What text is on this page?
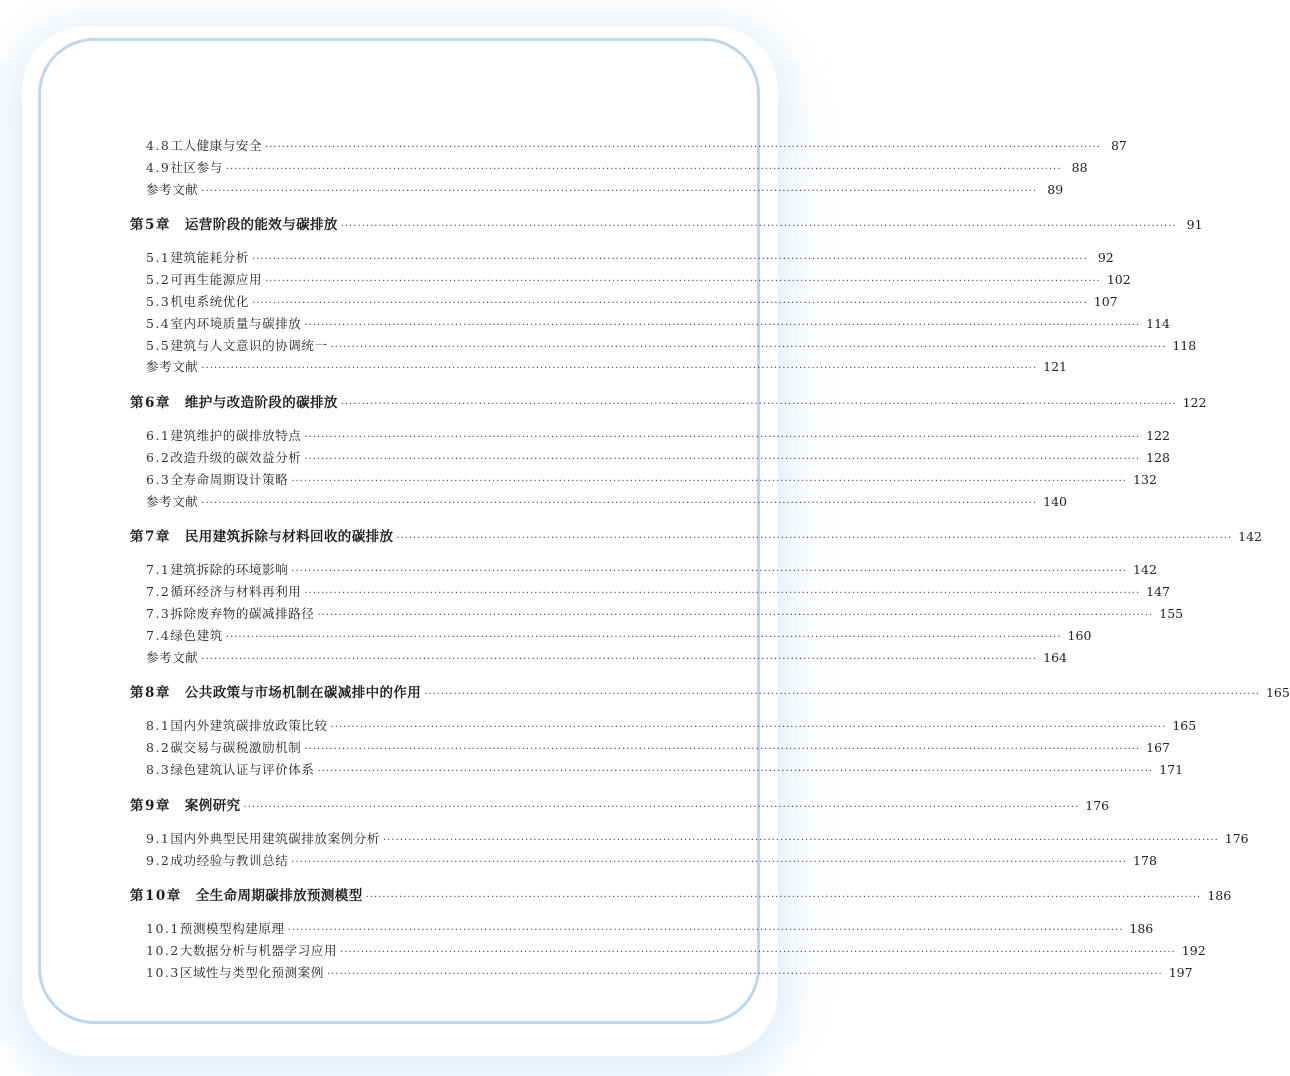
4.8 工人健康与安全 ········································································································································································································ 87
4.9 社区参与 ········································································································································································································ 88
参考文献 ········································································································································································································ 89
第5章 运营阶段的能效与碳排放 ········································································································································································································ 91
5.1 建筑能耗分析 ········································································································································································································ 92
5.2 可再生能源应用 ········································································································································································································ 102
5.3 机电系统优化 ········································································································································································································ 107
5.4 室内环境质量与碳排放 ········································································································································································································ 114
5.5 建筑与人文意识的协调统一 ········································································································································································································ 118
参考文献 ········································································································································································································ 121
第6章 维护与改造阶段的碳排放 ········································································································································································································ 122
6.1 建筑维护的碳排放特点 ········································································································································································································ 122
6.2 改造升级的碳效益分析 ········································································································································································································ 128
6.3 全寿命周期设计策略 ········································································································································································································ 132
参考文献 ········································································································································································································ 140
第7章 民用建筑拆除与材料回收的碳排放 ········································································································································································································ 142
7.1 建筑拆除的环境影响 ········································································································································································································ 142
7.2 循环经济与材料再利用 ········································································································································································································ 147
7.3 拆除废弃物的碳减排路径 ········································································································································································································ 155
7.4 绿色建筑 ········································································································································································································ 160
参考文献 ········································································································································································································ 164
第8章 公共政策与市场机制在碳减排中的作用 ········································································································································································································ 165
8.1 国内外建筑碳排放政策比较 ········································································································································································································ 165
8.2 碳交易与碳税激励机制 ········································································································································································································ 167
8.3 绿色建筑认证与评价体系 ········································································································································································································ 171
第9章 案例研究 ········································································································································································································ 176
9.1 国内外典型民用建筑碳排放案例分析 ········································································································································································································ 176
9.2 成功经验与教训总结 ········································································································································································································ 178
第10章 全生命周期碳排放预测模型 ········································································································································································································ 186
10.1 预测模型构建原理 ········································································································································································································ 186
10.2 大数据分析与机器学习应用 ········································································································································································································ 192
10.3 区域性与类型化预测案例 ········································································································································································································ 197
